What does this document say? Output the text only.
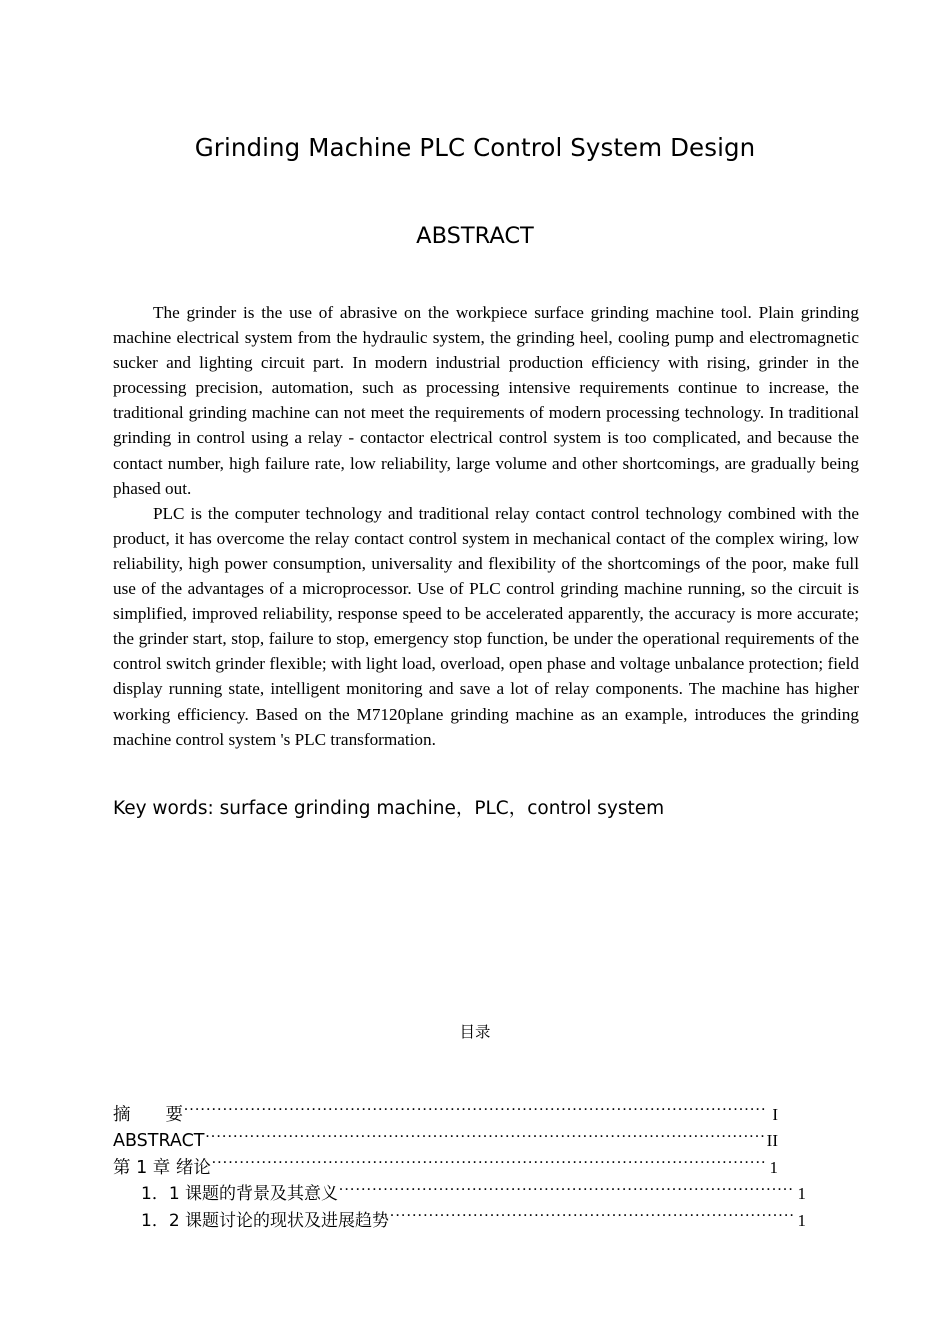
Grinding Machine PLC Control System Design
ABSTRACT

The grinder is the use of abrasive on the workpiece surface grinding machine tool. Plain grinding machine electrical system from the hydraulic system, the grinding heel, cooling pump and electromagnetic sucker and lighting circuit part. In modern industrial production efficiency with rising, grinder in the processing precision, automation, such as processing intensive requirements continue to increase, the traditional grinding machine can not meet the requirements of modern processing technology. In traditional grinding in control using a relay - contactor electrical control system is too complicated, and because the contact number, high failure rate, low reliability, large volume and other shortcomings, are gradually being phased out.

PLC is the computer technology and traditional relay contact control technology combined with the product, it has overcome the relay contact control system in mechanical contact of the complex wiring, low reliability, high power consumption, universality and flexibility of the shortcomings of the poor, make full use of the advantages of a microprocessor. Use of PLC control grinding machine running, so the circuit is simplified, improved reliability, response speed to be accelerated apparently, the accuracy is more accurate; the grinder start, stop, failure to stop, emergency stop function, be under the operational requirements of the control switch grinder flexible; with light load, overload, open phase and voltage unbalance protection; field display running state, intelligent monitoring and save a lot of relay components. The machine has higher working efficiency. Based on the M7120plane grinding machine as an example, introduces the grinding machine control system 's PLC transformation.

Key words: surface grinding machine，PLC，control system
目录
摘　　要 .....	I
ABSTRACT .....	II
第 1 章 绪论 .....	1
1．1 课题的背景及其意义 .....	1
1．2 课题讨论的现状及进展趋势 .....	1
